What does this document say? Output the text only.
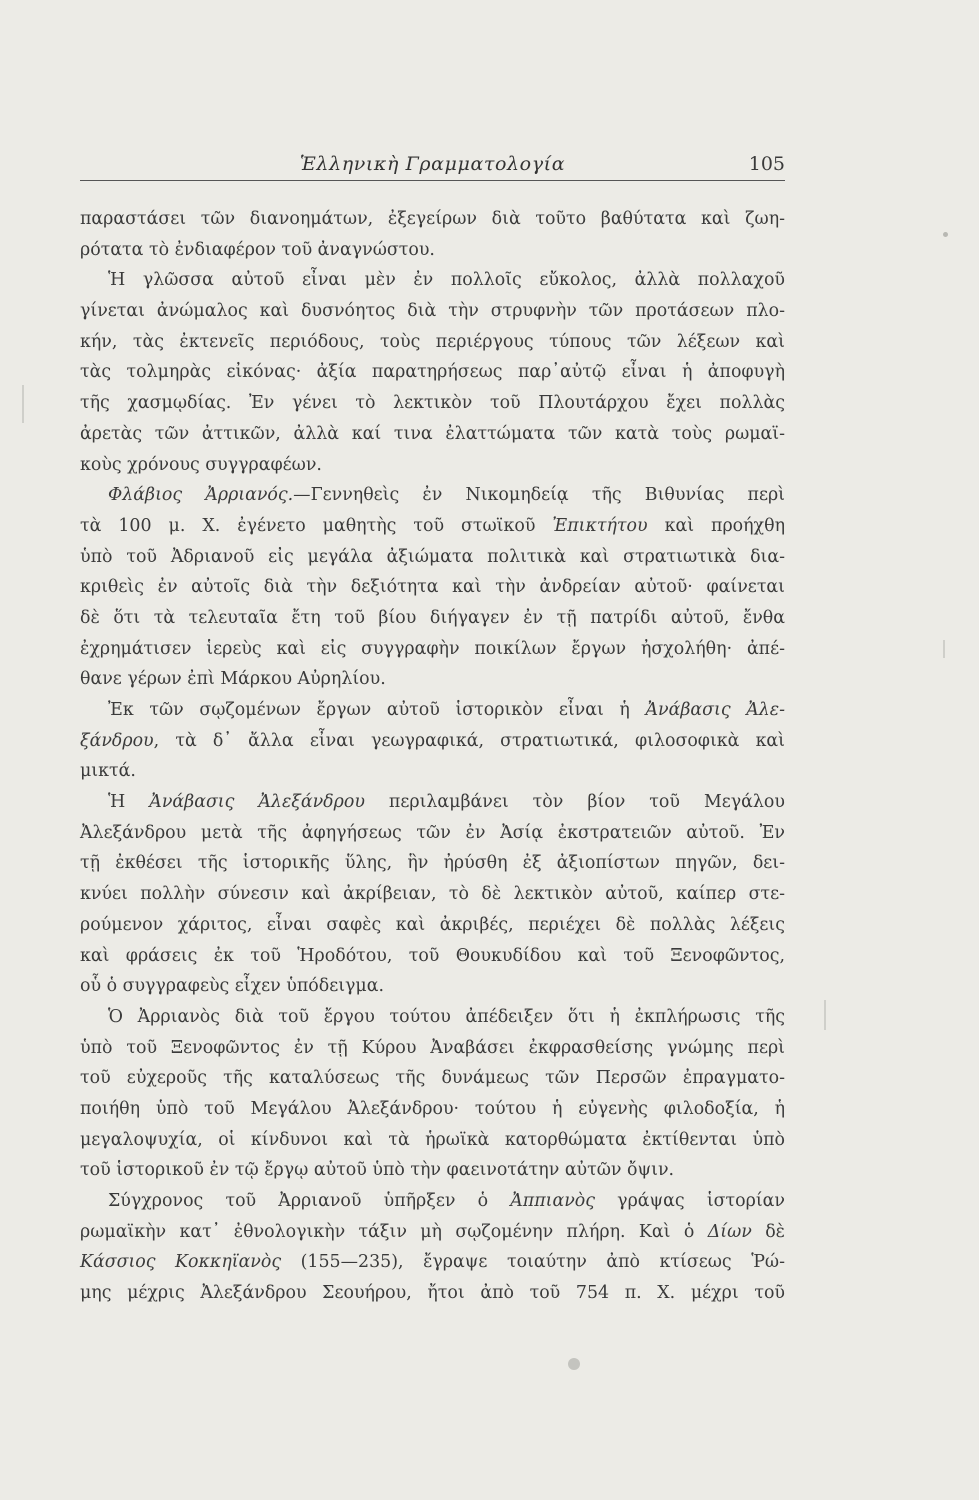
Ἑλληνικὴ Γραμματολογία	105
παραστάσει τῶν διανοημάτων, ἐξεγείρων διὰ τοῦτο βαθύτατα καὶ ζωη-
ρότατα τὸ ἐνδιαφέρον τοῦ ἀναγνώστου.
Ἡ γλῶσσα αὐτοῦ εἶναι μὲν ἐν πολλοῖς εὔκολος, ἀλλὰ πολλαχοῦ
γίνεται ἀνώμαλος καὶ δυσνόητος διὰ τὴν στρυφνὴν τῶν προτάσεων πλο-
κήν, τὰς ἐκτενεῖς περιόδους, τοὺς περιέργους τύπους τῶν λέξεων καὶ
τὰς τολμηρὰς εἰκόνας· ἀξία παρατηρήσεως παρ᾿αὐτῷ εἶναι ἡ ἀποφυγὴ
τῆς χασμῳδίας. Ἐν γένει τὸ λεκτικὸν τοῦ Πλουτάρχου ἔχει πολλὰς
ἀρετὰς τῶν ἀττικῶν, ἀλλὰ καί τινα ἐλαττώματα τῶν κατὰ τοὺς ρωμαϊ-
κοὺς χρόνους συγγραφέων.
Φλάβιος Ἀρριανός.—Γεννηθεὶς ἐν Νικομηδείᾳ τῆς Βιθυνίας περὶ
τὰ 100 μ. Χ. ἐγένετο μαθητὴς τοῦ στωϊκοῦ Ἐπικτήτου καὶ προήχθη
ὑπὸ τοῦ Ἀδριανοῦ εἰς μεγάλα ἀξιώματα πολιτικὰ καὶ στρατιωτικὰ δια-
κριθεὶς ἐν αὐτοῖς διὰ τὴν δεξιότητα καὶ τὴν ἀνδρείαν αὐτοῦ· φαίνεται
δὲ ὅτι τὰ τελευταῖα ἔτη τοῦ βίου διήγαγεν ἐν τῇ πατρίδι αὐτοῦ, ἔνθα
ἐχρημάτισεν ἱερεὺς καὶ εἰς συγγραφὴν ποικίλων ἔργων ἠσχολήθη· ἀπέ-
θανε γέρων ἐπὶ Μάρκου Αὐρηλίου.
Ἐκ τῶν σῳζομένων ἔργων αὐτοῦ ἱστορικὸν εἶναι ἡ Ἀνάβασις Ἀλε-
ξάνδρου, τὰ δ᾿ ἄλλα εἶναι γεωγραφικά, στρατιωτικά, φιλοσοφικὰ καὶ
μικτά.
Ἡ Ἀνάβασις Ἀλεξάνδρου περιλαμβάνει τὸν βίον τοῦ Μεγάλου
Ἀλεξάνδρου μετὰ τῆς ἀφηγήσεως τῶν ἐν Ἀσίᾳ ἐκστρατειῶν αὐτοῦ. Ἐν
τῇ ἐκθέσει τῆς ἱστορικῆς ὕλης, ἣν ἠρύσθη ἐξ ἀξιοπίστων πηγῶν, δει-
κνύει πολλὴν σύνεσιν καὶ ἀκρίβειαν, τὸ δὲ λεκτικὸν αὐτοῦ, καίπερ στε-
ρούμενον χάριτος, εἶναι σαφὲς καὶ ἀκριβές, περιέχει δὲ πολλὰς λέξεις
καὶ φράσεις ἐκ τοῦ Ἡροδότου, τοῦ Θουκυδίδου καὶ τοῦ Ξενοφῶντος,
οὗ ὁ συγγραφεὺς εἶχεν ὑπόδειγμα.
Ὁ Ἀρριανὸς διὰ τοῦ ἔργου τούτου ἀπέδειξεν ὅτι ἡ ἐκπλήρωσις τῆς
ὑπὸ τοῦ Ξενοφῶντος ἐν τῇ Κύρου Ἀναβάσει ἐκφρασθείσης γνώμης περὶ
τοῦ εὐχεροῦς τῆς καταλύσεως τῆς δυνάμεως τῶν Περσῶν ἐπραγματο-
ποιήθη ὑπὸ τοῦ Μεγάλου Ἀλεξάνδρου· τούτου ἡ εὐγενὴς φιλοδοξία, ἡ
μεγαλοψυχία, οἱ κίνδυνοι καὶ τὰ ἡρωϊκὰ κατορθώματα ἐκτίθενται ὑπὸ
τοῦ ἱστορικοῦ ἐν τῷ ἔργῳ αὐτοῦ ὑπὸ τὴν φαεινοτάτην αὐτῶν ὄψιν.
Σύγχρονος τοῦ Ἀρριανοῦ ὑπῆρξεν ὁ Ἀππιανὸς γράψας ἱστορίαν
ρωμαϊκὴν κατ᾿ ἐθνολογικὴν τάξιν μὴ σῳζομένην πλήρη. Καὶ ὁ Δίων δὲ
Κάσσιος Κοκκηϊανὸς (155—235), ἔγραψε τοιαύτην ἀπὸ κτίσεως Ῥώ-
μης μέχρις Ἀλεξάνδρου Σεουήρου, ἤτοι ἀπὸ τοῦ 754 π. Χ. μέχρι τοῦ
